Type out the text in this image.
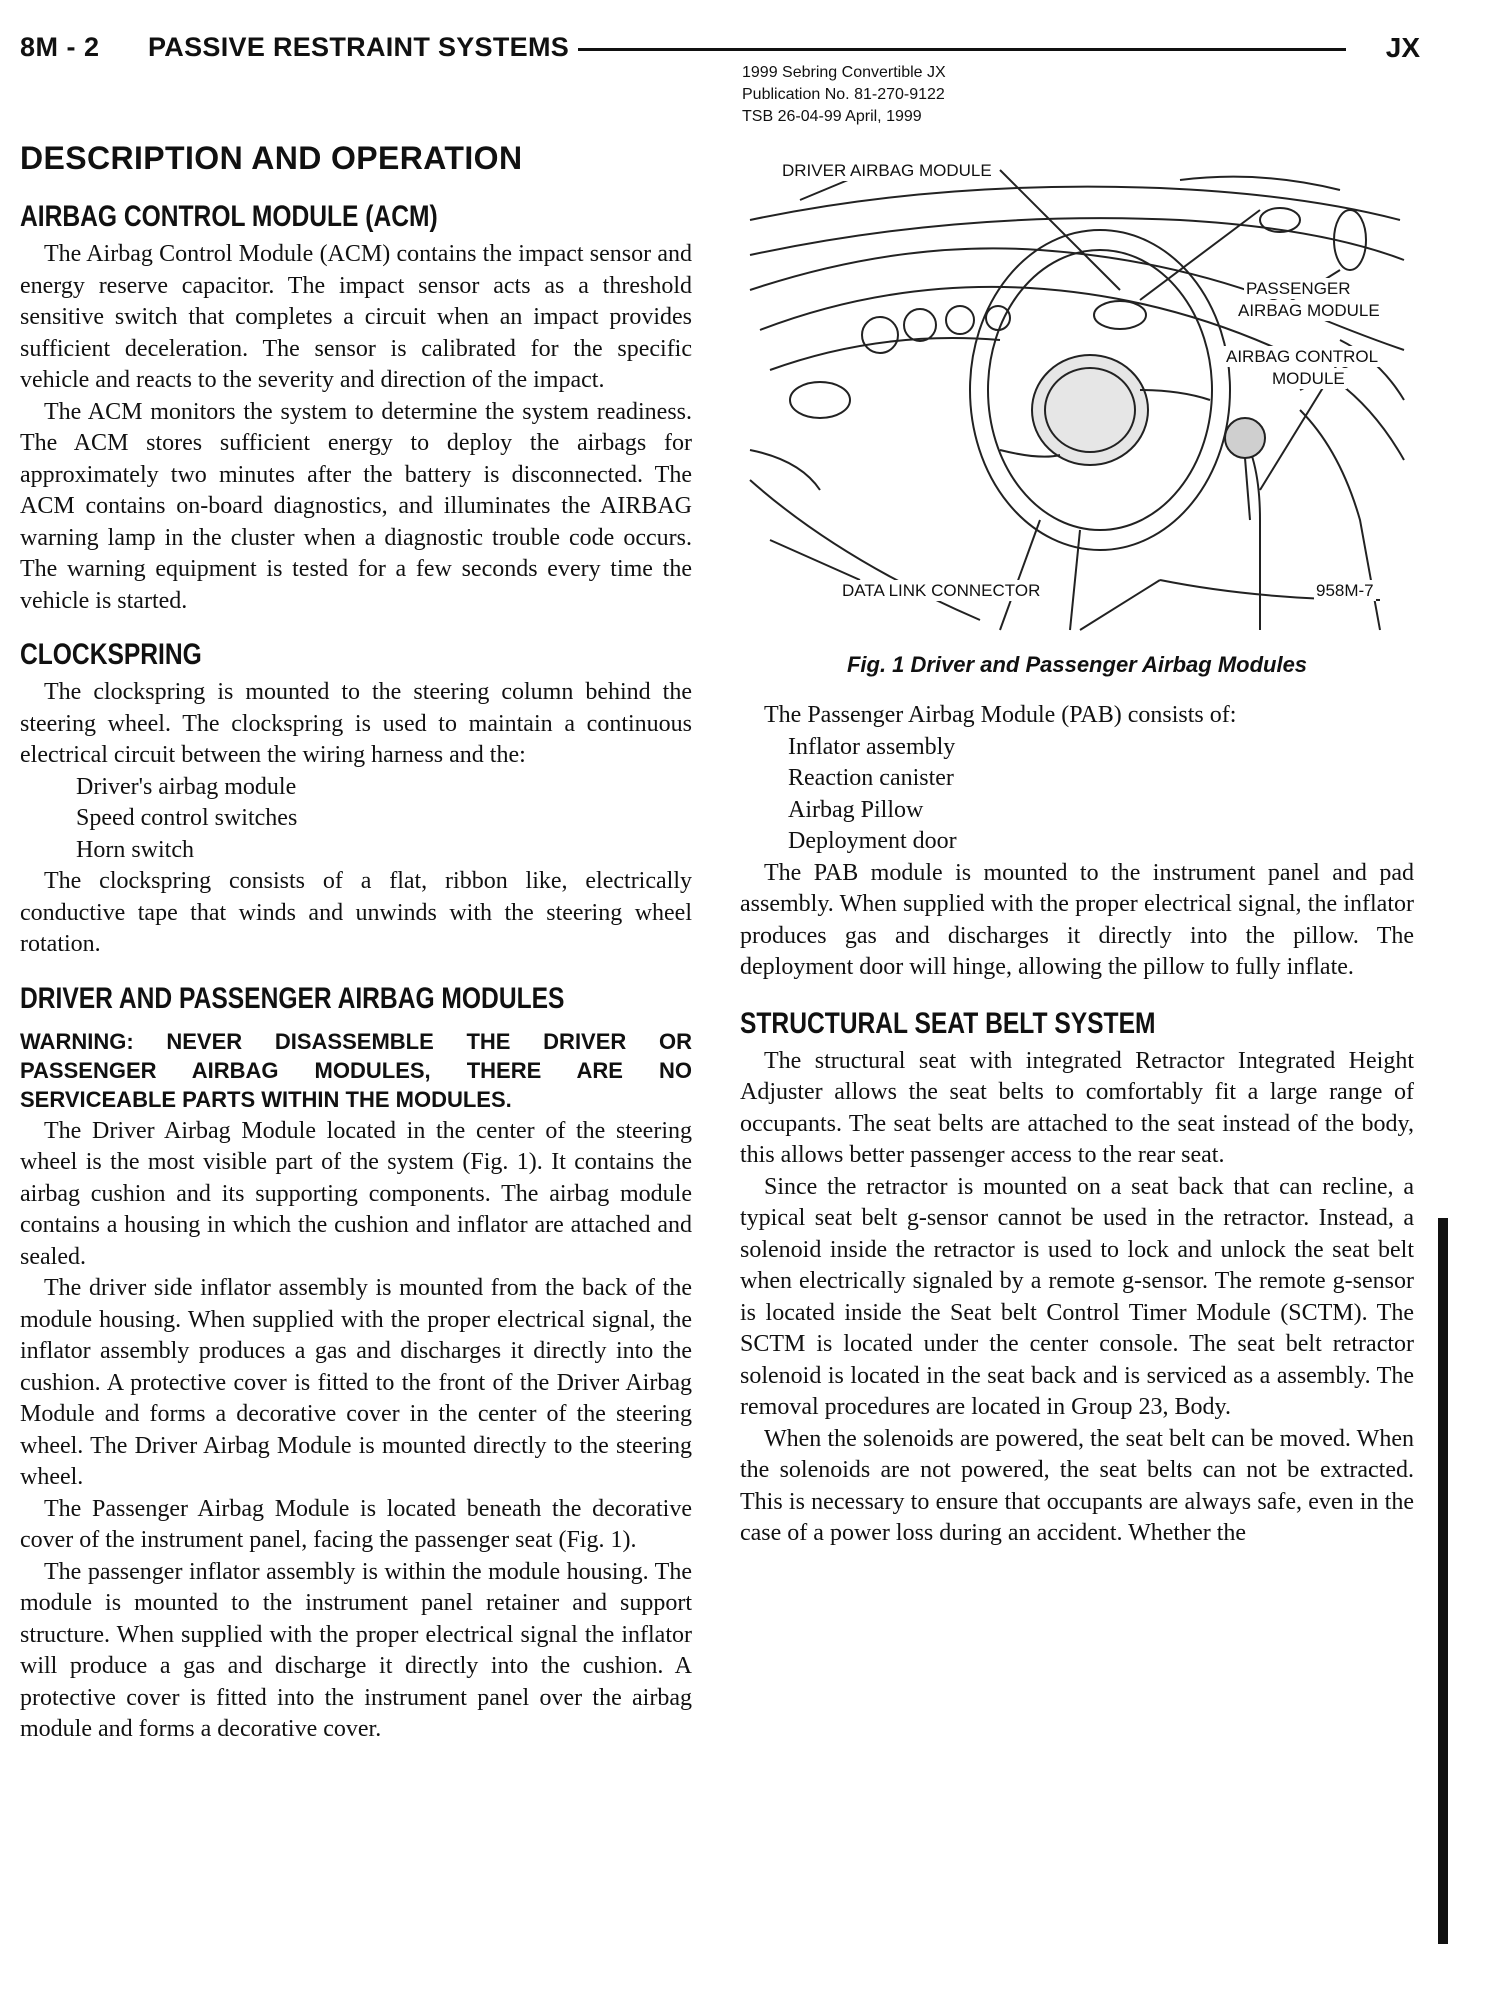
8M - 2 PASSIVE RESTRAINT SYSTEMS	JX
1999 Sebring Convertible JX
Publication No. 81-270-9122
TSB 26-04-99 April, 1999
DESCRIPTION AND OPERATION
AIRBAG CONTROL MODULE (ACM)

The Airbag Control Module (ACM) contains the impact sensor and energy reserve capacitor. The impact sensor acts as a threshold sensitive switch that completes a circuit when an impact provides sufficient deceleration. The sensor is calibrated for the specific vehicle and reacts to the severity and direction of the impact.

The ACM monitors the system to determine the system readiness. The ACM stores sufficient energy to deploy the airbags for approximately two minutes after the battery is disconnected. The ACM contains on-board diagnostics, and illuminates the AIRBAG warning lamp in the cluster when a diagnostic trouble code occurs. The warning equipment is tested for a few seconds every time the vehicle is started.

CLOCKSPRING

The clockspring is mounted to the steering column behind the steering wheel. The clockspring is used to maintain a continuous electrical circuit between the wiring harness and the:

Driver's airbag module
Speed control switches
Horn switch

The clockspring consists of a flat, ribbon like, electrically conductive tape that winds and unwinds with the steering wheel rotation.

DRIVER AND PASSENGER AIRBAG MODULES
WARNING: NEVER DISASSEMBLE THE DRIVER OR PASSENGER AIRBAG MODULES, THERE ARE NO SERVICEABLE PARTS WITHIN THE MODULES.

The Driver Airbag Module located in the center of the steering wheel is the most visible part of the system (Fig. 1). It contains the airbag cushion and its supporting components. The airbag module contains a housing in which the cushion and inflator are attached and sealed.

The driver side inflator assembly is mounted from the back of the module housing. When supplied with the proper electrical signal, the inflator assembly produces a gas and discharges it directly into the cushion. A protective cover is fitted to the front of the Driver Airbag Module and forms a decorative cover in the center of the steering wheel. The Driver Airbag Module is mounted directly to the steering wheel.

The Passenger Airbag Module is located beneath the decorative cover of the instrument panel, facing the passenger seat (Fig. 1).

The passenger inflator assembly is within the module housing. The module is mounted to the instrument panel retainer and support structure. When supplied with the proper electrical signal the inflator will produce a gas and discharge it directly into the cushion. A protective cover is fitted into the instrument panel over the airbag module and forms a decorative cover.

DRIVER AIRBAG MODULE
PASSENGER
AIRBAG MODULE
AIRBAG CONTROL
MODULE
DATA LINK CONNECTOR	958M-7
Fig. 1 Driver and Passenger Airbag Modules

The Passenger Airbag Module (PAB) consists of:

Inflator assembly
Reaction canister
Airbag Pillow
Deployment door

The PAB module is mounted to the instrument panel and pad assembly. When supplied with the proper electrical signal, the inflator produces gas and discharges it directly into the pillow. The deployment door will hinge, allowing the pillow to fully inflate.

STRUCTURAL SEAT BELT SYSTEM

The structural seat with integrated Retractor Integrated Height Adjuster allows the seat belts to comfortably fit a large range of occupants. The seat belts are attached to the seat instead of the body, this allows better passenger access to the rear seat.

Since the retractor is mounted on a seat back that can recline, a typical seat belt g-sensor cannot be used in the retractor. Instead, a solenoid inside the retractor is used to lock and unlock the seat belt when electrically signaled by a remote g-sensor. The remote g-sensor is located inside the Seat belt Control Timer Module (SCTM). The SCTM is located under the center console. The seat belt retractor solenoid is located in the seat back and is serviced as a assembly. The removal procedures are located in Group 23, Body.

When the solenoids are powered, the seat belt can be moved. When the solenoids are not powered, the seat belts can not be extracted. This is necessary to ensure that occupants are always safe, even in the case of a power loss during an accident. Whether the
